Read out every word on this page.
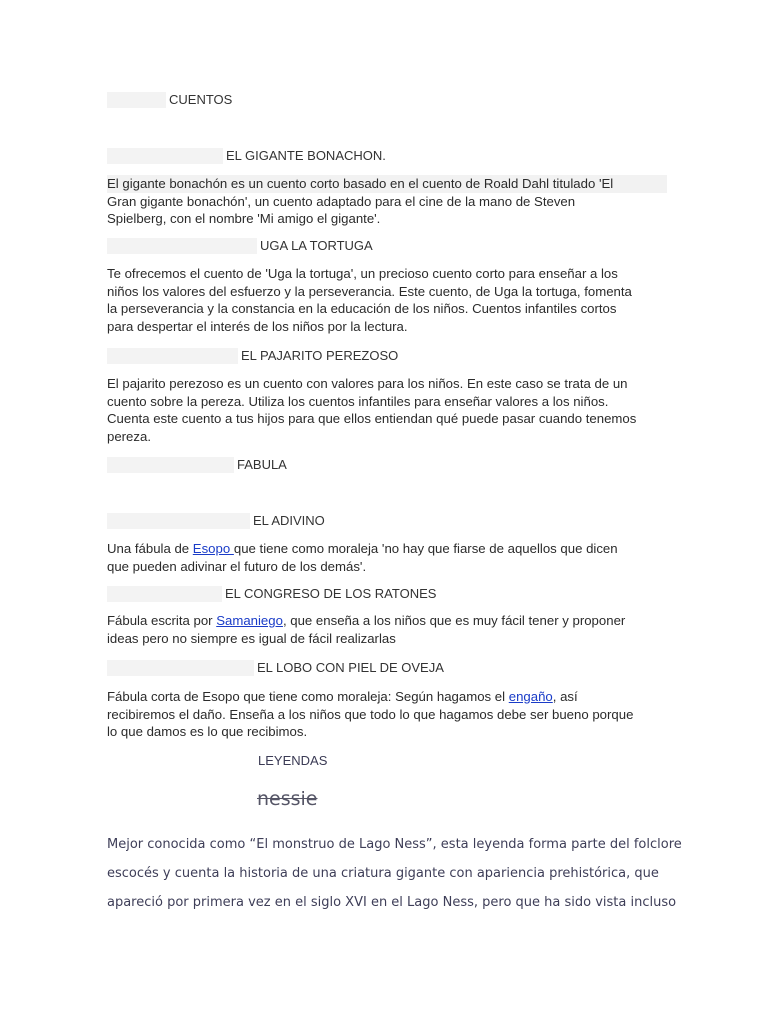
CUENTOS
EL GIGANTE BONACHON.
El gigante bonachón es un cuento corto basado en el cuento de Roald Dahl titulado 'El
Gran gigante bonachón', un cuento adaptado para el cine de la mano de Steven
Spielberg, con el nombre 'Mi amigo el gigante'.
UGA LA TORTUGA
Te ofrecemos el cuento de 'Uga la tortuga', un precioso cuento corto para enseñar a los
niños los valores del esfuerzo y la perseverancia. Este cuento, de Uga la tortuga, fomenta
la perseverancia y la constancia en la educación de los niños. Cuentos infantiles cortos
para despertar el interés de los niños por la lectura.
EL PAJARITO PEREZOSO
El pajarito perezoso es un cuento con valores para los niños. En este caso se trata de un
cuento sobre la pereza. Utiliza los cuentos infantiles para enseñar valores a los niños.
Cuenta este cuento a tus hijos para que ellos entiendan qué puede pasar cuando tenemos
pereza.
FABULA
EL ADIVINO
Una fábula de Esopo que tiene como moraleja 'no hay que fiarse de aquellos que dicen
que pueden adivinar el futuro de los demás'.
EL CONGRESO DE LOS RATONES
Fábula escrita por Samaniego, que enseña a los niños que es muy fácil tener y proponer
ideas pero no siempre es igual de fácil realizarlas
EL LOBO CON PIEL DE OVEJA
Fábula corta de Esopo que tiene como moraleja: Según hagamos el engaño, así
recibiremos el daño. Enseña a los niños que todo lo que hagamos debe ser bueno porque
lo que damos es lo que recibimos.
LEYENDAS
nessie
Mejor conocida como “El monstruo de Lago Ness”, esta leyenda forma parte del folclore
escocés y cuenta la historia de una criatura gigante con apariencia prehistórica, que
apareció por primera vez en el siglo XVI en el Lago Ness, pero que ha sido vista incluso
